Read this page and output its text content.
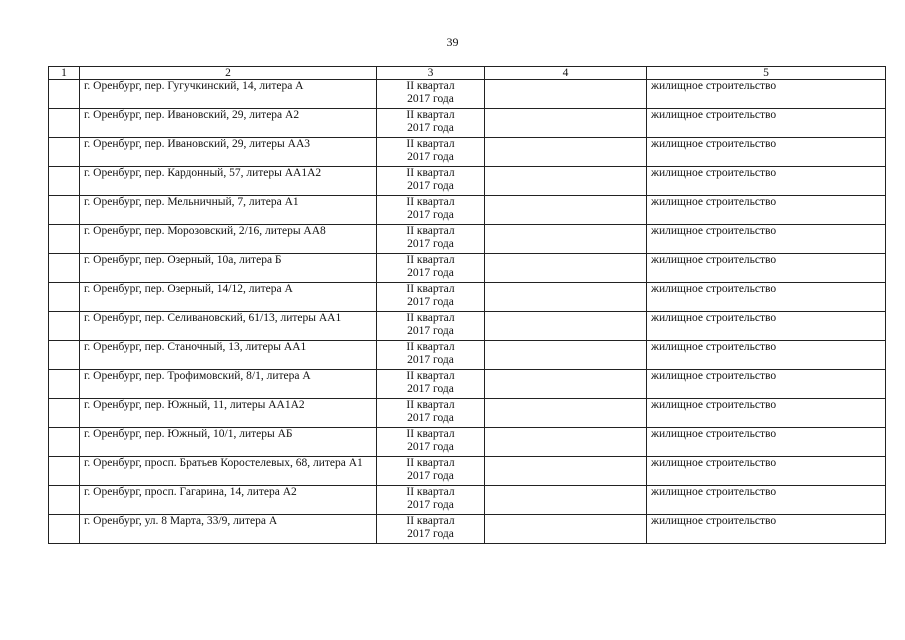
39
1	2	3	4	5
	г. Оренбург, пер. Гугучкинский, 14, литера А	II квартал
2017 года		жилищное строительство
	г. Оренбург, пер. Ивановский, 29, литера А2	II квартал
2017 года		жилищное строительство
	г. Оренбург, пер. Ивановский, 29, литеры АА3	II квартал
2017 года		жилищное строительство
	г. Оренбург, пер. Кардонный, 57, литеры АА1А2	II квартал
2017 года		жилищное строительство
	г. Оренбург, пер. Мельничный, 7, литера А1	II квартал
2017 года		жилищное строительство
	г. Оренбург, пер. Морозовский, 2/16, литеры АА8	II квартал
2017 года		жилищное строительство
	г. Оренбург, пер. Озерный, 10а, литера Б	II квартал
2017 года		жилищное строительство
	г. Оренбург, пер. Озерный, 14/12, литера А	II квартал
2017 года		жилищное строительство
	г. Оренбург, пер. Селивановский, 61/13, литеры АА1	II квартал
2017 года		жилищное строительство
	г. Оренбург, пер. Станочный, 13, литеры АА1	II квартал
2017 года		жилищное строительство
	г. Оренбург, пер. Трофимовский, 8/1, литера А	II квартал
2017 года		жилищное строительство
	г. Оренбург, пер. Южный, 11, литеры АА1А2	II квартал
2017 года		жилищное строительство
	г. Оренбург, пер. Южный, 10/1, литеры АБ	II квартал
2017 года		жилищное строительство
	г. Оренбург, просп. Братьев Коростелевых, 68, литера А1	II квартал
2017 года		жилищное строительство
	г. Оренбург, просп. Гагарина, 14, литера А2	II квартал
2017 года		жилищное строительство
	г. Оренбург, ул. 8 Марта, 33/9, литера А	II квартал
2017 года		жилищное строительство
